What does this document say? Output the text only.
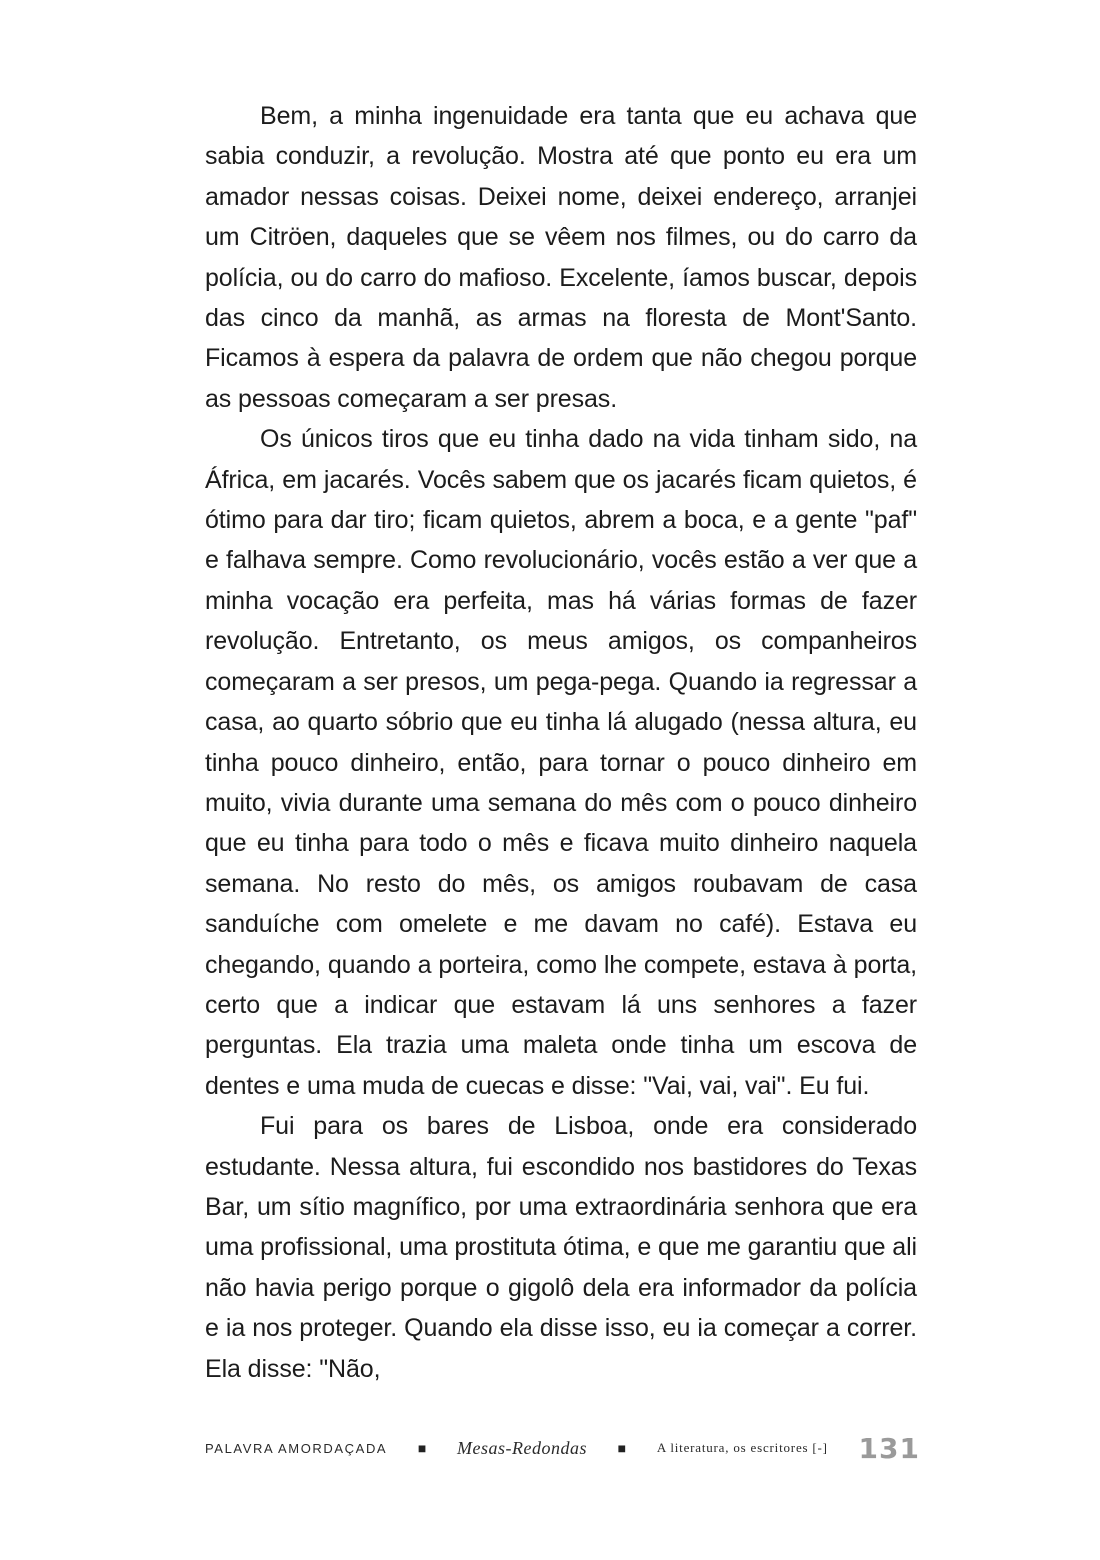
Bem, a minha ingenuidade era tanta que eu achava que sabia conduzir, a revolução. Mostra até que ponto eu era um amador nessas coisas. Deixei nome, deixei endereço, arranjei um Citröen, daqueles que se vêem nos filmes, ou do carro da polícia, ou do carro do mafioso. Excelente, íamos buscar, depois das cinco da manhã, as armas na floresta de Mont'Santo. Ficamos à espera da palavra de ordem que não chegou porque as pessoas começaram a ser presas.

Os únicos tiros que eu tinha dado na vida tinham sido, na África, em jacarés. Vocês sabem que os jacarés ficam quietos, é ótimo para dar tiro; ficam quietos, abrem a boca, e a gente "paf" e falhava sempre. Como revolucionário, vocês estão a ver que a minha vocação era perfeita, mas há várias formas de fazer revolução. Entretanto, os meus amigos, os companheiros começaram a ser presos, um pega-pega. Quando ia regressar a casa, ao quarto sóbrio que eu tinha lá alugado (nessa altura, eu tinha pouco dinheiro, então, para tornar o pouco dinheiro em muito, vivia durante uma semana do mês com o pouco dinheiro que eu tinha para todo o mês e ficava muito dinheiro naquela semana. No resto do mês, os amigos roubavam de casa sanduíche com omelete e me davam no café). Estava eu chegando, quando a porteira, como lhe compete, estava à porta, certo que a indicar que estavam lá uns senhores a fazer perguntas. Ela trazia uma maleta onde tinha um escova de dentes e uma muda de cuecas e disse: "Vai, vai, vai". Eu fui.

Fui para os bares de Lisboa, onde era considerado estudante. Nessa altura, fui escondido nos bastidores do Texas Bar, um sítio magnífico, por uma extraordinária senhora que era uma profissional, uma prostituta ótima, e que me garantiu que ali não havia perigo porque o gigolô dela era informador da polícia e ia nos proteger. Quando ela disse isso, eu ia começar a correr. Ela disse: "Não,

PALAVRA AMORDAÇADA ■ Mesas-Redondas ■ A literatura, os escritores [-] 131
